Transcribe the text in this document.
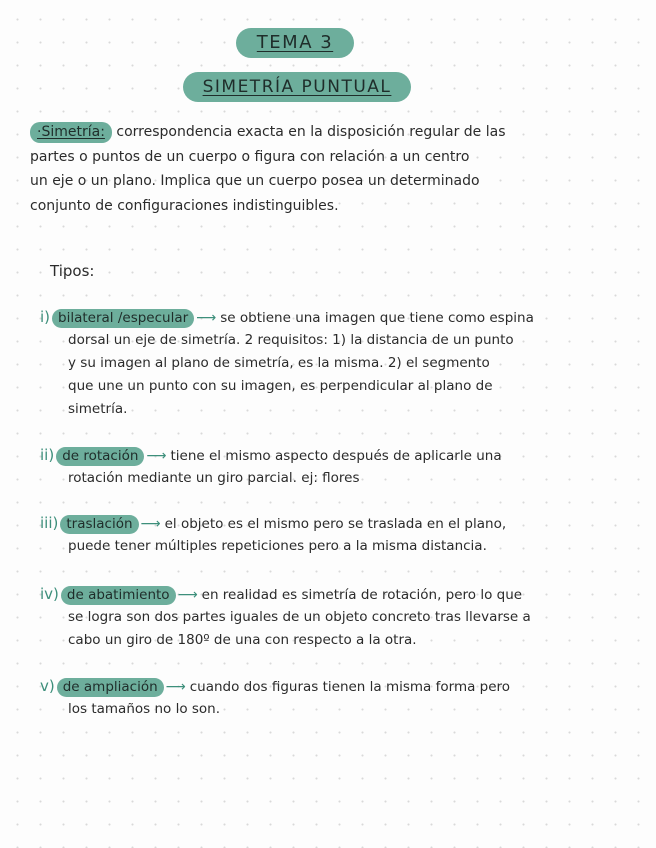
TEMA 3
SIMETRÍA PUNTUAL
·Simetría: correspondencia exacta en la disposición regular de las
partes o puntos de un cuerpo o figura con relación a un centro
un eje o un plano. Implica que un cuerpo posea un determinado
conjunto de configuraciones indistinguibles.
Tipos:
i) bilateral /especular ⟶ se obtiene una imagen que tiene como espina
dorsal un eje de simetría. 2 requisitos: 1) la distancia de un punto
y su imagen al plano de simetría, es la misma. 2) el segmento
que une un punto con su imagen, es perpendicular al plano de
simetría.
ii) de rotación ⟶ tiene el mismo aspecto después de aplicarle una
rotación mediante un giro parcial. ej: flores
iii) traslación ⟶ el objeto es el mismo pero se traslada en el plano,
puede tener múltiples repeticiones pero a la misma distancia.
iv) de abatimiento ⟶ en realidad es simetría de rotación, pero lo que
se logra son dos partes iguales de un objeto concreto tras llevarse a
cabo un giro de 180º de una con respecto a la otra.
v) de ampliación ⟶ cuando dos figuras tienen la misma forma pero
los tamaños no lo son.
